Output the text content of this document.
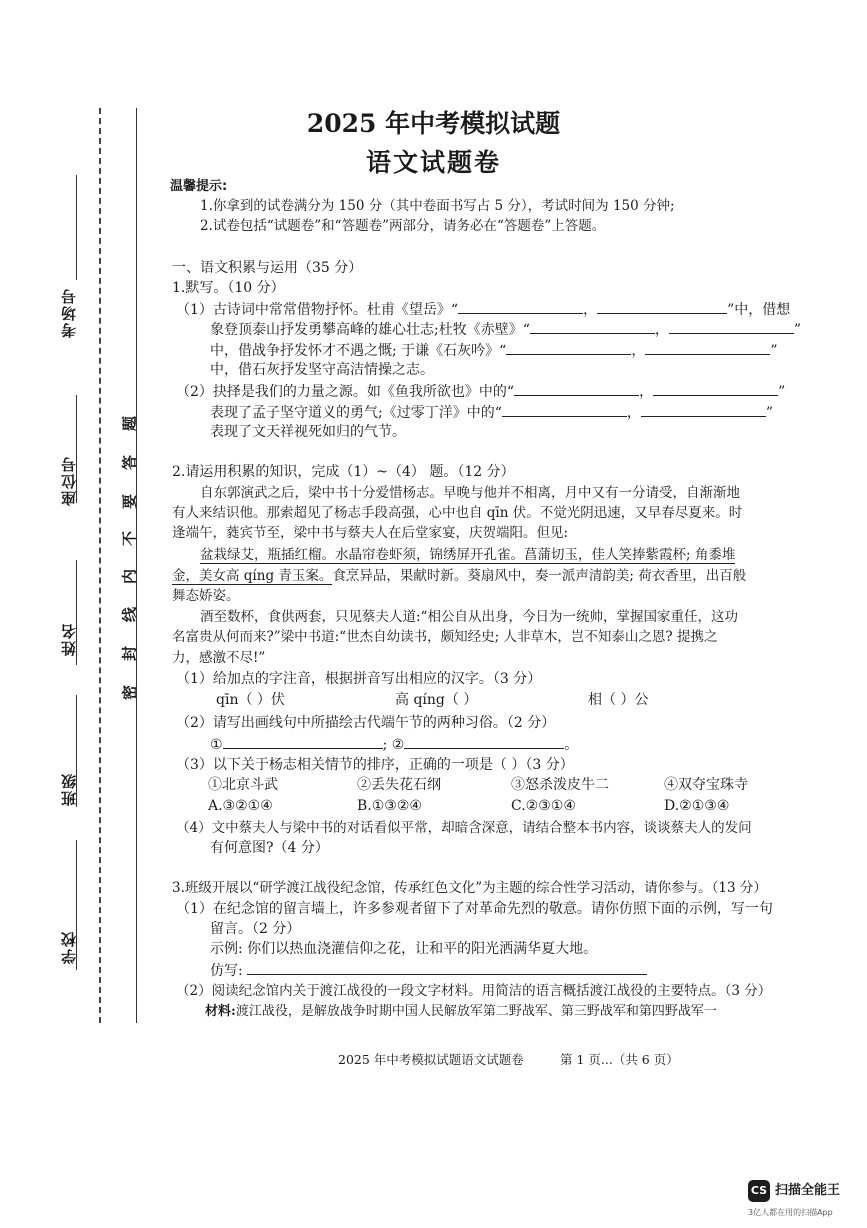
考场号
座位号
姓名
班级
学校
密
封
线
内
不
要
答
题
2025 年中考模拟试题
语文试题卷
温馨提示:
1.你拿到的试卷满分为 150 分（其中卷面书写占 5 分），考试时间为 150 分钟;
2.试卷包括“试题卷”和“答题卷”两部分，请务必在“答题卷”上答题。
一、语文积累与运用（35 分）
1.默写。（10 分）
（1）古诗词中常常借物抒怀。杜甫《望岳》“	，	”中，借想
象登顶泰山抒发勇攀高峰的雄心壮志;杜牧《赤壁》“	，	”
中，借战争抒发怀才不遇之慨; 于谦《石灰吟》“	，	”
中，借石灰抒发坚守高洁情操之志。
（2）抉择是我们的力量之源。如《鱼我所欲也》中的“	，	”
表现了孟子坚守道义的勇气;《过零丁洋》中的“	，	”
表现了文天祥视死如归的气节。
2.请运用积累的知识，完成（1）~（4） 题。（12 分）
自东郭演武之后，梁中书十分爱惜杨志。早晚与他并不相离，月中又有一分请受，自渐渐地
有人来结识他。那索超见了杨志手段高强，心中也自 qīn 伏。不觉光阴迅速，又早春尽夏来。时
逢端午，蕤宾节至，梁中书与蔡夫人在后堂家宴，庆贺端阳。但见:
盆栽绿艾，瓶插红榴。水晶帘卷虾须，锦绣屏开孔雀。菖蒲切玉，佳人笑捧紫霞杯; 角黍堆
金，美女高 qíng 青玉案。食烹异品，果献时新。葵扇风中，奏一派声清韵美; 荷衣香里，出百般
舞态娇姿。
酒至数杯，食供两套，只见蔡夫人道:“相公自从出身，今日为一统帅，掌握国家重任，这功
名富贵从何而来?”梁中书道:“世杰自幼读书，颇知经史; 人非草木，岂不知泰山之恩? 提携之
力，感激不尽!”
（1）给加点的字注音，根据拼音写出相应的汉字。（3 分）
qīn（ ）伏	高 qíng（ ）	相（ ）公
（2）请写出画线句中所描绘古代端午节的两种习俗。（2 分）
①	; ②	。
（3）以下关于杨志相关情节的排序，正确的一项是（ ）（3 分）
①北京斗武	②丢失花石纲	③怒杀泼皮牛二	④双夺宝珠寺
A.③②①④	B.①③②④	C.②③①④	D.②①③④
（4）文中蔡夫人与梁中书的对话看似平常，却暗含深意，请结合整本书内容，谈谈蔡夫人的发问
有何意图?（4 分）
3.班级开展以“研学渡江战役纪念馆，传承红色文化”为主题的综合性学习活动，请你参与。（13 分）
（1）在纪念馆的留言墙上，许多参观者留下了对革命先烈的敬意。请你仿照下面的示例，写一句
留言。（2 分）
示例: 你们以热血浇灌信仰之花，让和平的阳光洒满华夏大地。
仿写:
（2）阅读纪念馆内关于渡江战役的一段文字材料。用简洁的语言概括渡江战役的主要特点。（3 分）
材料:渡江战役，是解放战争时期中国人民解放军第二野战军、第三野战军和第四野战军一
2025 年中考模拟试题语文试题卷	第 1 页...（共 6 页）
CS 扫描全能王
3亿人都在用的扫描App
